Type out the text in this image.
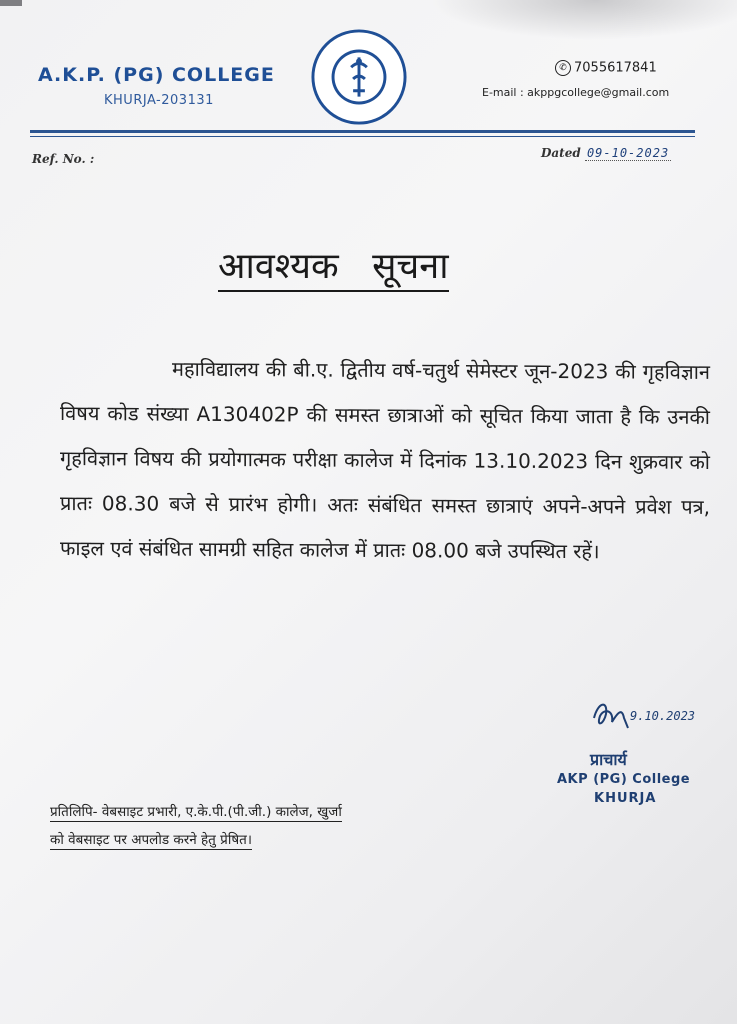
A.K.P. (PG) COLLEGE
KHURJA-203131
✆ 7055617841
E-mail : akppgcollege@gmail.com
Ref. No. :	Dated 09-10-2023
आवश्यक सूचना
महाविद्यालय की बी.ए. द्वितीय वर्ष-चतुर्थ सेमेस्टर जून-2023 की गृहविज्ञान विषय कोड संख्या A130402P की समस्त छात्राओं को सूचित किया जाता है कि उनकी गृहविज्ञान विषय की प्रयोगात्मक परीक्षा कालेज में दिनांक 13.10.2023 दिन शुक्रवार को प्रातः 08.30 बजे से प्रारंभ होगी। अतः संबंधित समस्त छात्राएं अपने-अपने प्रवेश पत्र, फाइल एवं संबंधित सामग्री सहित कालेज में प्रातः 08.00 बजे उपस्थित रहें।
9.10.2023
प्राचार्य
AKP (PG) College
KHURJA
प्रतिलिपि- वेबसाइट प्रभारी, ए.के.पी.(पी.जी.) कालेज, खुर्जा
को वेबसाइट पर अपलोड करने हेतु प्रेषित।
